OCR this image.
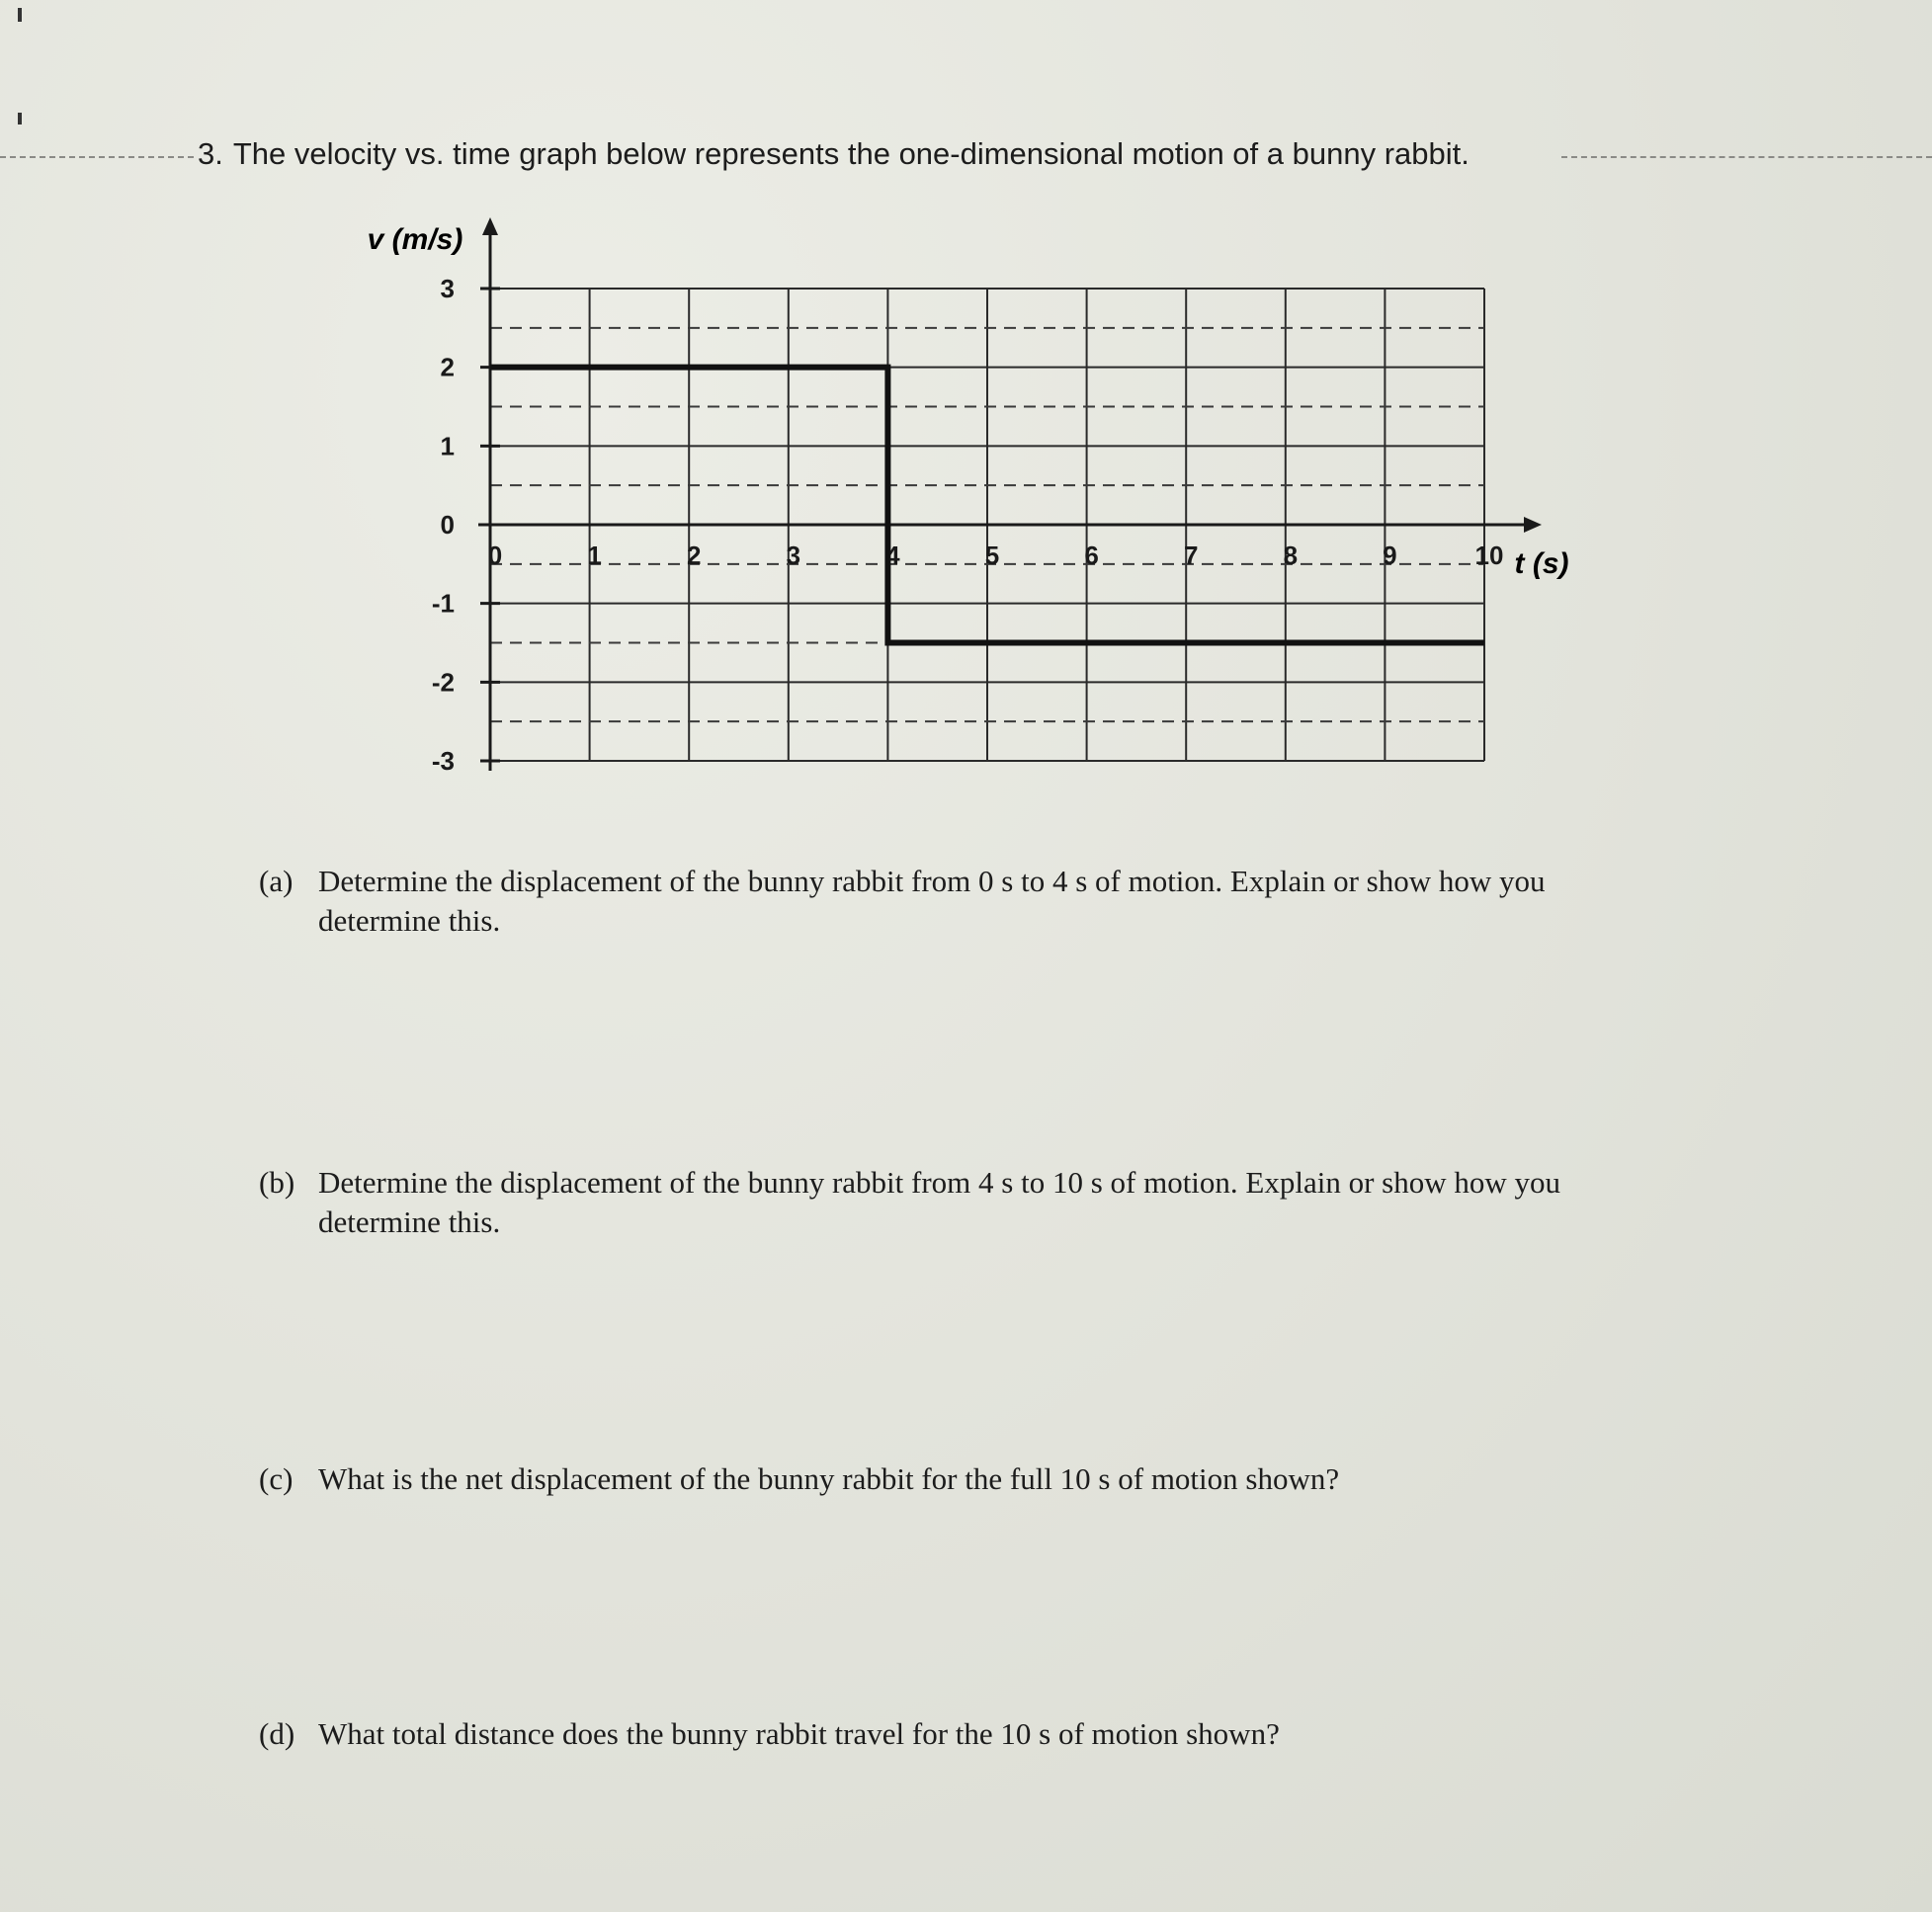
3. The velocity vs. time graph below represents the one-dimensional motion of a bunny rabbit.
3
2
1
0
-1
-2
-3
0	1	2	3	4	5	6	7	8	9	10
v (m/s)
t (s)
(a) Determine the displacement of the bunny rabbit from 0 s to 4 s of motion. Explain or show how you
determine this.
(b) Determine the displacement of the bunny rabbit from 4 s to 10 s of motion. Explain or show how you
determine this.
(c) What is the net displacement of the bunny rabbit for the full 10 s of motion shown?
(d) What total distance does the bunny rabbit travel for the 10 s of motion shown?
